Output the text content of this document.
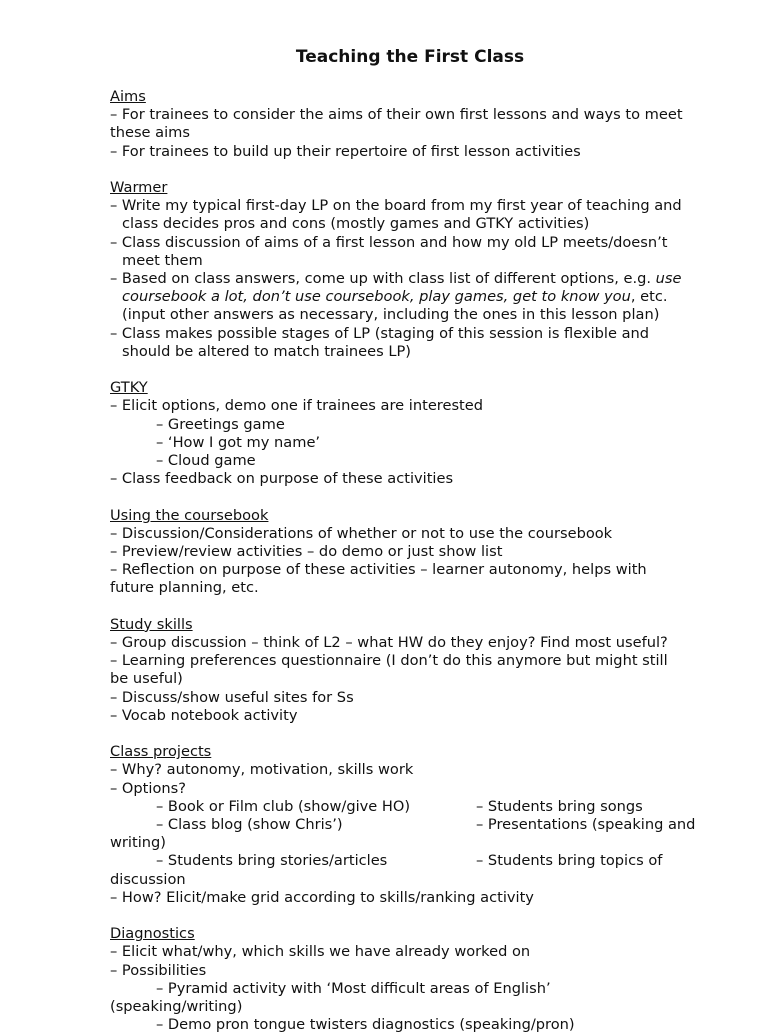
Teaching the First Class
Aims
– For trainees to consider the aims of their own first lessons and ways to meet
these aims
– For trainees to build up their repertoire of first lesson activities
Warmer
– Write my typical first-day LP on the board from my first year of teaching and
class decides pros and cons (mostly games and GTKY activities)
– Class discussion of aims of a first lesson and how my old LP meets/doesn’t
meet them
– Based on class answers, come up with class list of different options, e.g. use
coursebook a lot, don’t use coursebook, play games, get to know you, etc.
(input other answers as necessary, including the ones in this lesson plan)
– Class makes possible stages of LP (staging of this session is flexible and
should be altered to match trainees LP)
GTKY
– Elicit options, demo one if trainees are interested
– Greetings game
– ‘How I got my name’
– Cloud game
– Class feedback on purpose of these activities
Using the coursebook
– Discussion/Considerations of whether or not to use the coursebook
– Preview/review activities – do demo or just show list
– Reflection on purpose of these activities – learner autonomy, helps with
future planning, etc.
Study skills
– Group discussion – think of L2 – what HW do they enjoy? Find most useful?
– Learning preferences questionnaire (I don’t do this anymore but might still
be useful)
– Discuss/show useful sites for Ss
– Vocab notebook activity
Class projects
– Why? autonomy, motivation, skills work
– Options?
– Book or Film club (show/give HO)	– Students bring songs
– Class blog (show Chris’)	– Presentations (speaking and
writing)
– Students bring stories/articles	– Students bring topics of
discussion
– How? Elicit/make grid according to skills/ranking activity
Diagnostics
– Elicit what/why, which skills we have already worked on
– Possibilities
– Pyramid activity with ‘Most difficult areas of English’
(speaking/writing)
– Demo pron tongue twisters diagnostics (speaking/pron)
